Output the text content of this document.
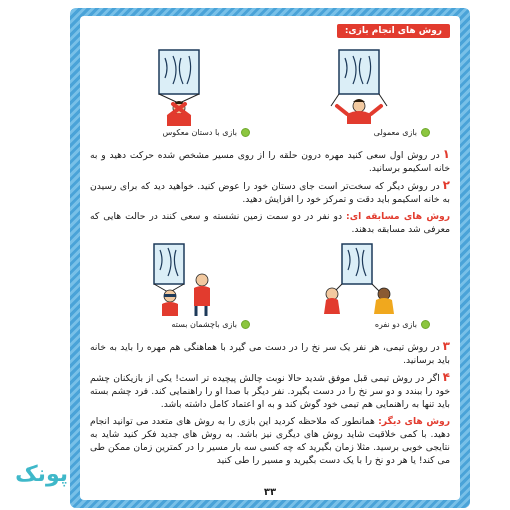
روش های انجام بازی:
بازی معمولی
بازی با دستان معکوس

۱در روش اول سعی کنید مهره درون حلقه را از روی مسیر مشخص شده حرکت دهید و به خانه اسکیمو برسانید.

۲در روش دیگر که سخت‌تر است جای دستان خود را عوض کنید. خواهید دید که برای رسیدن به خانه اسکیمو باید دقت و تمرکز خود را افزایش دهید.

روش های مسابقه ای: دو نفر در دو سمت زمین نشسته و سعی کنند در حالت هایی که معرفی شد مسابقه بدهند.

بازی دو نفره
بازی باچشمان بسته

۳در روش تیمی، هر نفر یک سر نخ را در دست می گیرد با هماهنگی هم مهره را باید به خانه باید برسانید.

۴اگر در روش تیمی قبل موفق شدید حالا نوبت چالش پیچیده تر است! یکی از بازیکنان چشم خود را ببندد و دو سر نخ را در دست بگیرد. نفر دیگر با صدا او را راهنمایی کند. فرد چشم بسته باید تنها به راهنمایی هم تیمی خود گوش کند و به او اعتماد کامل داشته باشد.

روش های دیگر: همانطور که ملاحظه کردید این بازی را به روش های متعدد می توانید انجام دهید. با کمی خلاقیت شاید روش های دیگری نیز باشد. به روش های جدید فکر کنید شاید به نتایجی خوبی برسید. مثلا زمان بگیرید که چه کسی سه بار مسیر را در کمترین زمان ممکن طی می کند! یا هر دو نخ را با یک دست بگیرید و مسیر را طی کنید

۳۳
پونک
